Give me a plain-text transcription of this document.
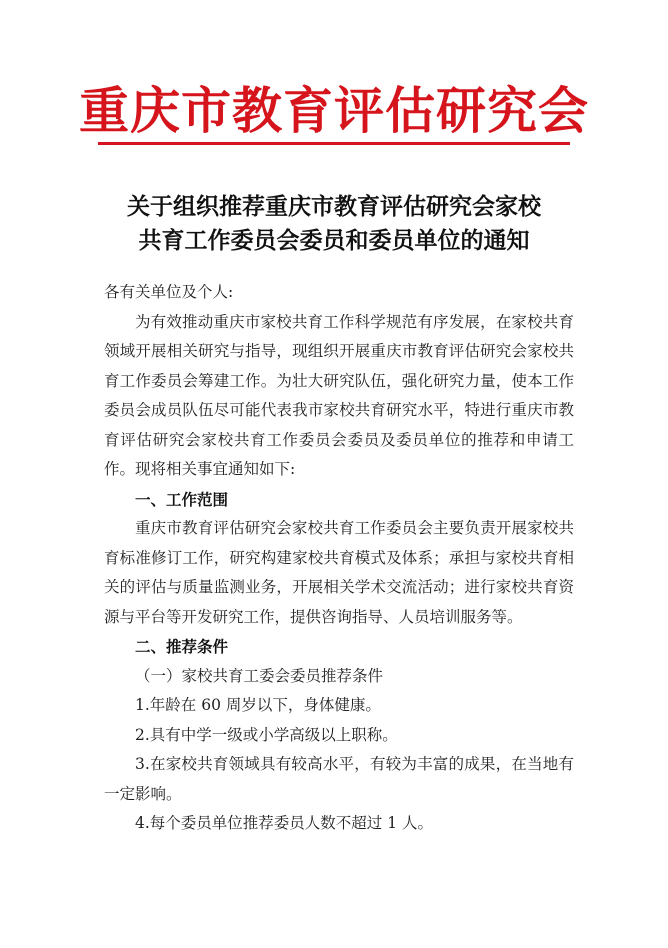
重庆市教育评估研究会
关于组织推荐重庆市教育评估研究会家校
共育工作委员会委员和委员单位的通知

各有关单位及个人:

为有效推动重庆市家校共育工作科学规范有序发展，在家校共育领域开展相关研究与指导，现组织开展重庆市教育评估研究会家校共育工作委员会筹建工作。为壮大研究队伍，强化研究力量，使本工作委员会成员队伍尽可能代表我市家校共育研究水平，特进行重庆市教育评估研究会家校共育工作委员会委员及委员单位的推荐和申请工作。现将相关事宜通知如下:

一、工作范围

重庆市教育评估研究会家校共育工作委员会主要负责开展家校共育标准修订工作，研究构建家校共育模式及体系；承担与家校共育相关的评估与质量监测业务，开展相关学术交流活动；进行家校共育资源与平台等开发研究工作，提供咨询指导、人员培训服务等。

二、推荐条件

（一）家校共育工委会委员推荐条件

1.年龄在 60 周岁以下，身体健康。

2.具有中学一级或小学高级以上职称。

3.在家校共育领域具有较高水平，有较为丰富的成果，在当地有一定影响。

4.每个委员单位推荐委员人数不超过 1 人。
